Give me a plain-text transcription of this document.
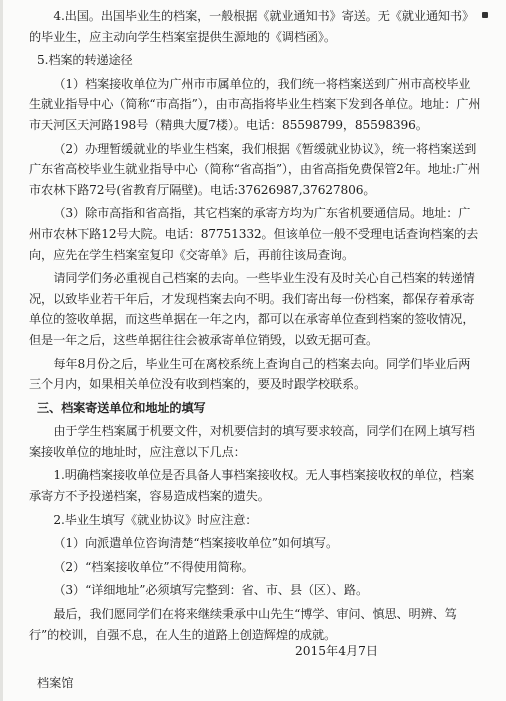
4.出国。出国毕业生的档案，一般根据《就业通知书》寄送。无《就业通知书》的毕业生，应主动向学生档案室提供生源地的《调档函》。

5.档案的转递途径

（1）档案接收单位为广州市市属单位的，我们统一将档案送到广州市高校毕业生就业指导中心（简称“市高指”），由市高指将毕业生档案下发到各单位。地址：广州市天河区天河路198号（精典大厦7楼）。电话：85598799，85598396。

（2）办理暂缓就业的毕业生档案，我们根据《暂缓就业协议》，统一将档案送到广东省高校毕业生就业指导中心（简称“省高指”），由省高指免费保管2年。地址:广州市农林下路72号(省教育厅隔壁)。电话:37626987,37627806。

（3）除市高指和省高指，其它档案的承寄方均为广东省机要通信局。地址：广州市农林下路12号大院。电话：87751332。但该单位一般不受理电话查询档案的去向，应先在学生档案室复印《交寄单》后，再前往该局查询。

请同学们务必重视自己档案的去向。一些毕业生没有及时关心自己档案的转递情况，以致毕业若干年后，才发现档案去向不明。我们寄出每一份档案，都保存着承寄单位的签收单据，而这些单据在一年之内，都可以在承寄单位查到档案的签收情况，但是一年之后，这些单据往往会被承寄单位销毁，以致无据可查。

每年8月份之后，毕业生可在离校系统上查询自己的档案去向。同学们毕业后两三个月内，如果相关单位没有收到档案的，要及时跟学校联系。

三、档案寄送单位和地址的填写

由于学生档案属于机要文件，对机要信封的填写要求较高，同学们在网上填写档案接收单位的地址时，应注意以下几点：

1.明确档案接收单位是否具备人事档案接收权。无人事档案接收权的单位，档案承寄方不予投递档案，容易造成档案的遗失。

2.毕业生填写《就业协议》时应注意：

（1）向派遣单位咨询清楚“档案接收单位”如何填写。

（2）“档案接收单位”不得使用简称。

（3）“详细地址”必须填写完整到：省、市、县（区）、路。

最后，我们愿同学们在将来继续秉承中山先生“博学、审问、慎思、明辨、笃行”的校训，自强不息，在人生的道路上创造辉煌的成就。

2015年4月7日
档案馆
